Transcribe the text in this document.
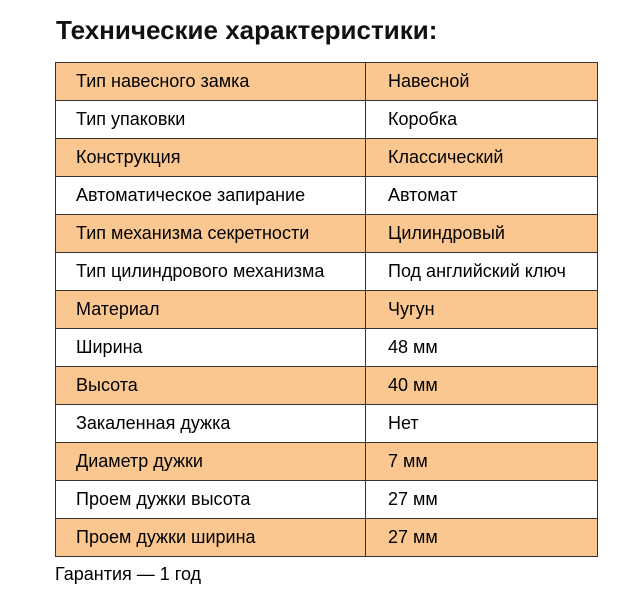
Технические характеристики:
Тип навесного замка	Навесной
Тип упаковки	Коробка
Конструкция	Классический
Автоматическое запирание	Автомат
Тип механизма секретности	Цилиндровый
Тип цилиндрового механизма	Под английский ключ
Материал	Чугун
Ширина	48 мм
Высота	40 мм
Закаленная дужка	Нет
Диаметр дужки	7 мм
Проем дужки высота	27 мм
Проем дужки ширина	27 мм
Гарантия — 1 год
